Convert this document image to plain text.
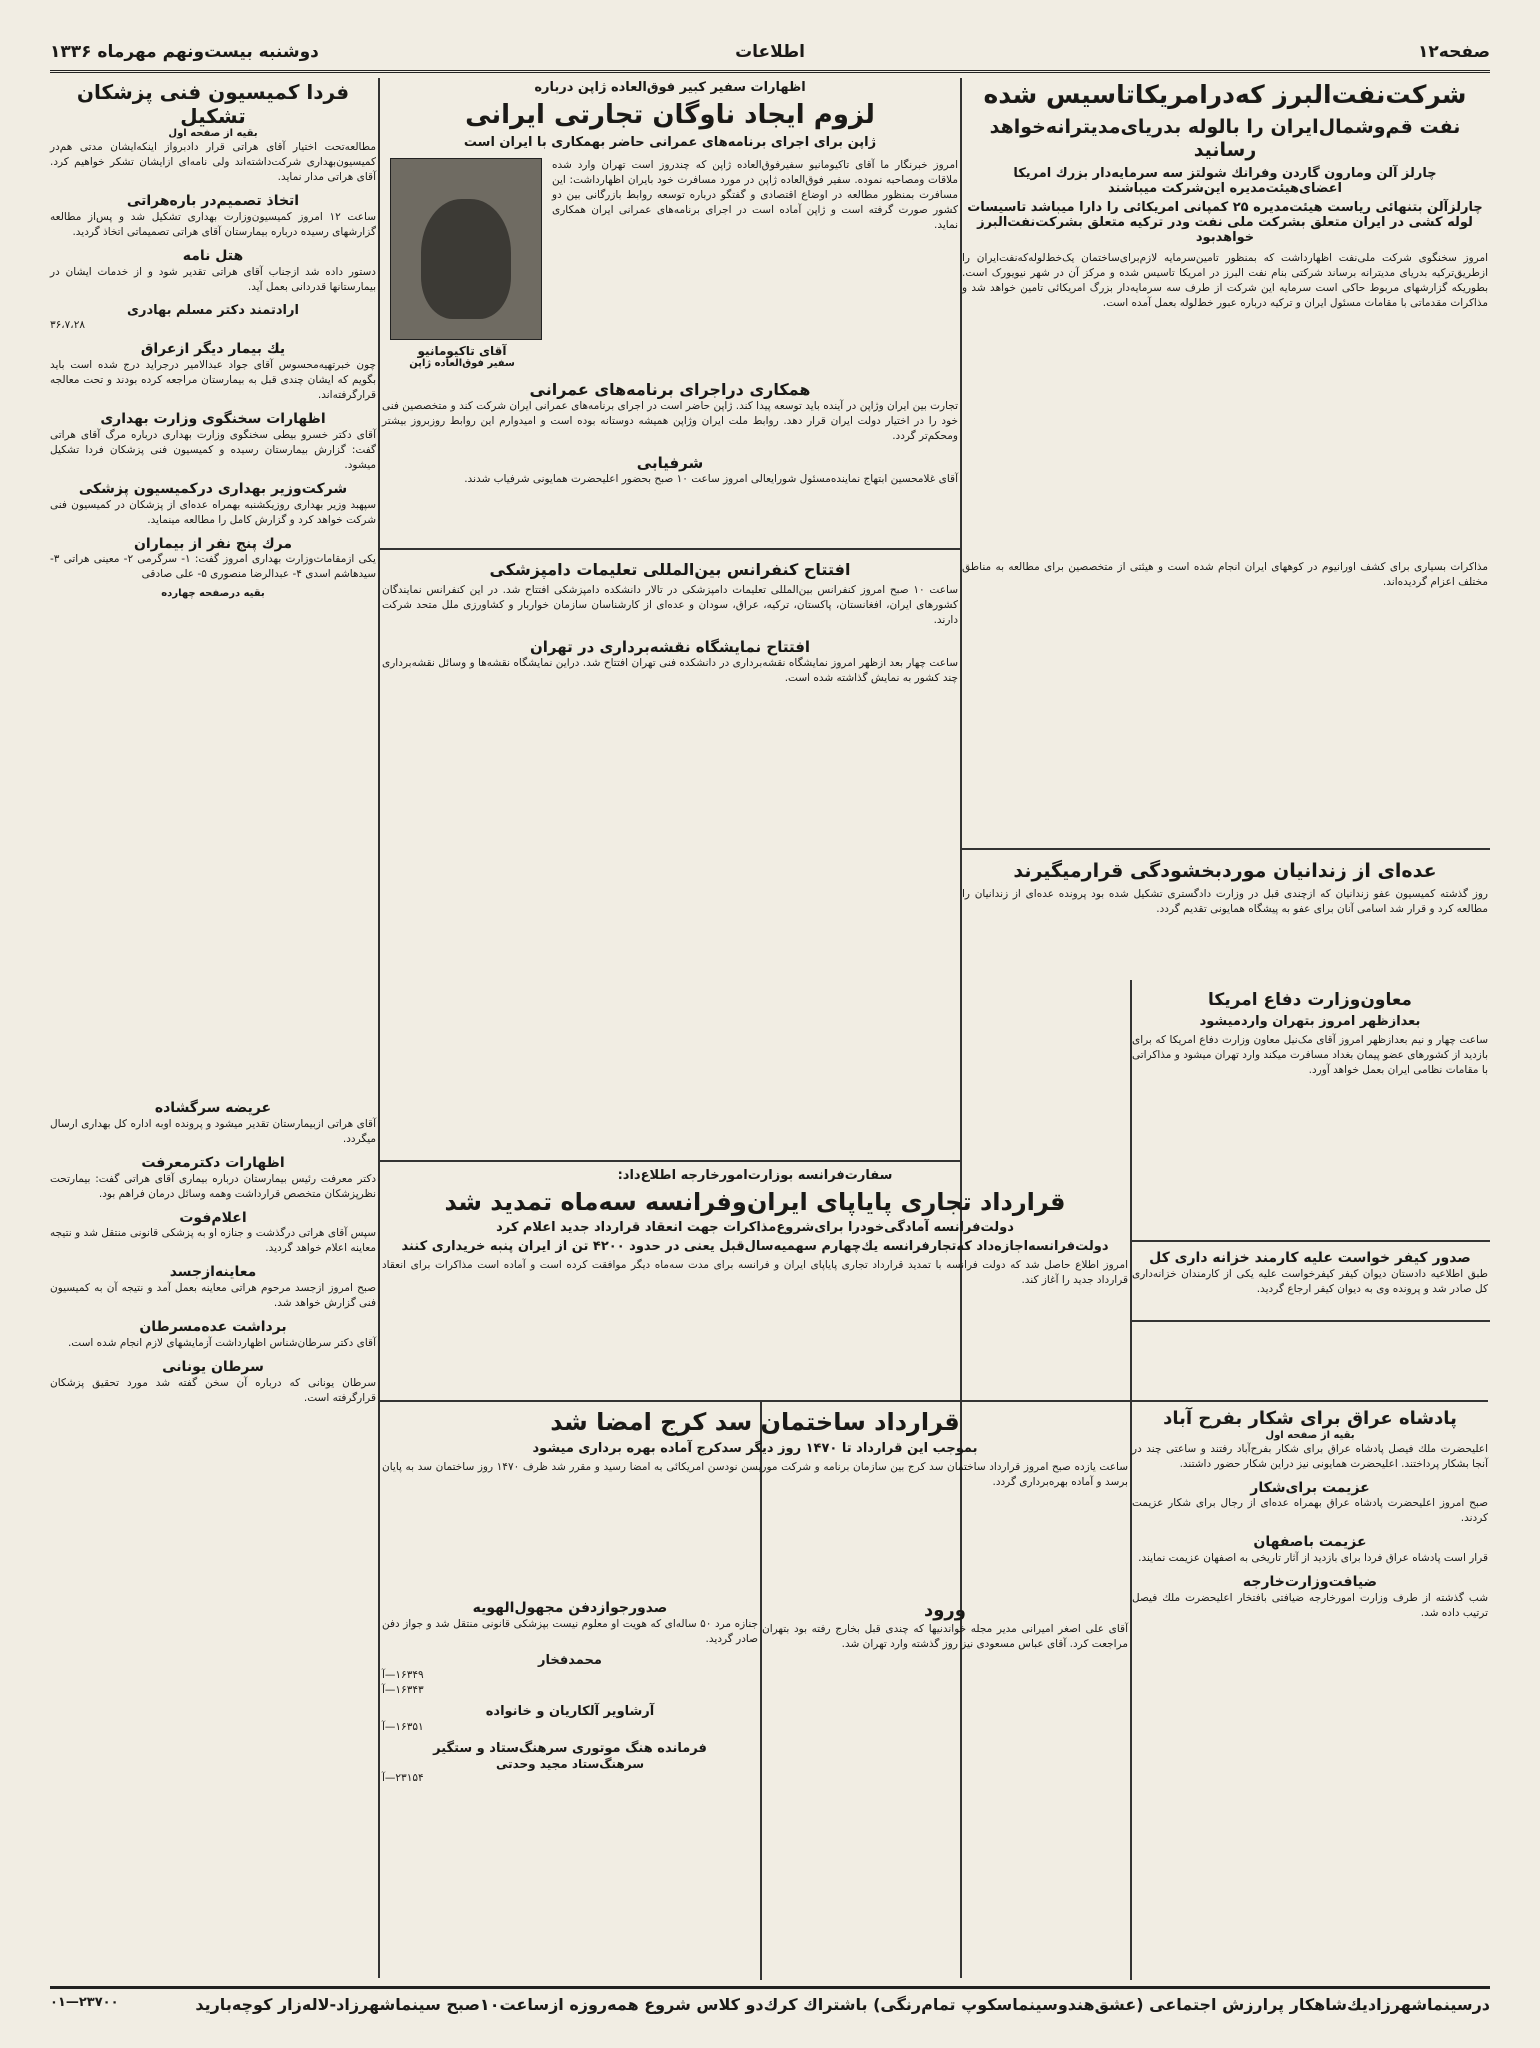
صفحه۱۲
اطلاعات
دوشنبه بیست‌ونهم مهرماه ۱۳۳۶

شرکت‌نفت‌البرز که‌درامریکاتاسیس شده

نفت قم‌وشمال‌ایران را بالوله بدریای‌مدیترانه‌خواهد رسانید

چارلز آلن ومارون گاردن وفرانك شولتز سه سرمایه‌دار بزرك امریكا اعضای‌هیئت‌مدیره این‌شرکت میباشند

چارلز‌آلن بتنهائی ریاست هیئت‌مدیره ۲۵ کمپانی امریکائی را دارا میباشد تاسیسات لوله کشی در ایران متعلق بشرکت ملی نفت ودر ترکیه متعلق بشرکت‌نفت‌البرز خواهدبود

امروز سخنگوی شرکت ملی‌نفت اظهارداشت که بمنظور تامین‌سرمایه لازم‌برای‌ساختمان یک‌خط‌لوله‌که‌نفت‌ایران را ازطریق‌ترکیه بدریای مدیترانه برساند شرکتی بنام نفت البرز در امریکا تاسیس شده و مرکز آن در شهر نیویورک است. بطوریکه گزارشهای مربوط حاکی است سرمایه این شرکت از طرف سه سرمایه‌دار بزرگ امریکائی تامین خواهد شد و مذاکرات مقدماتی با مقامات مسئول ایران و ترکیه درباره عبور خط‌لوله بعمل آمده است.

مذاکرات بسیاری برای کشف اورانیوم در کوههای ایران انجام شده است و هیئتی از متخصصین برای مطالعه به مناطق مختلف اعزام گردیده‌اند.

اظهارات سفیر کبیر فوق‌العاده ژاپن درباره

لزوم ایجاد ناوگان تجارتی ایرانی

ژاپن برای اجرای برنامه‌های عمرانی حاضر بهمکاری با ایران است

امروز خبرنگار ما آقای تاکیومانیو سفیرفوق‌العاده ژاپن که چندروز است تهران وارد شده ملاقات ومصاحبه نموده. سفیر فوق‌العاده ژاپن در مورد مسافرت خود بایران اظهارداشت: این مسافرت بمنظور مطالعه در اوضاع اقتصادی و گفتگو درباره توسعه روابط بازرگانی بین دو کشور صورت گرفته است و ژاپن آماده است در اجرای برنامه‌های عمرانی ایران همکاری نماید.

آقای تاکیومانیو

سفیر فوق‌العاده ژاپن

همکاری دراجرای برنامه‌های عمرانی

تجارت بین ایران وژاپن در آینده باید توسعه پیدا کند. ژاپن حاضر است در اجرای برنامه‌های عمرانی ایران شرکت کند و متخصصین فنی خود را در اختیار دولت ایران قرار دهد. روابط ملت ایران وژاپن همیشه دوستانه بوده است و امیدوارم این روابط روزبروز بیشتر ومحکم‌تر گردد.

شرفیابی

آقای غلامحسین ابتهاج نماینده‌مسئول شورایعالی امروز ساعت ۱۰ صبح بحضور اعلیحضرت همایونی شرفیاب شدند.

افتتاح کنفرانس بین‌المللی تعلیمات دامپزشکی

ساعت ۱۰ صبح امروز کنفرانس بین‌المللی تعلیمات دامپزشکی در تالار دانشکده دامپزشکی افتتاح شد. در این کنفرانس نمایندگان کشورهای ایران، افغانستان، پاکستان، ترکیه، عراق، سودان و عده‌ای از کارشناسان سازمان خواربار و کشاورزی ملل متحد شرکت دارند.

افتتاح نمایشگاه نقشه‌برداری در تهران

ساعت چهار بعد ازظهر امروز نمایشگاه نقشه‌برداری در دانشکده فنی تهران افتتاح شد. دراین نمایشگاه نقشه‌ها و وسائل نقشه‌برداری چند کشور به نمایش گذاشته شده است.

عده‌ای از زندانیان مورد‌بخشودگی قرارمیگیرند

روز گذشته کمیسیون عفو زندانیان که ازچندی قبل در وزارت دادگستری تشکیل شده بود پرونده عده‌ای از زندانیان را مطالعه کرد و قرار شد اسامی آنان برای عفو به پیشگاه همایونی تقدیم گردد.

معاون‌وزارت دفاع امریکا

بعدازظهر امروز بتهران واردمیشود

ساعت چهار و نیم بعدازظهر امروز آقای مک‌نیل معاون وزارت دفاع امریکا که برای بازدید از کشورهای عضو پیمان بغداد مسافرت میکند وارد تهران میشود و مذاکراتی با مقامات نظامی ایران بعمل خواهد آورد.

صدور کیفر خواست علیه کارمند خزانه داری کل

طبق اطلاعیه دادستان دیوان کیفر کیفرخواست علیه یکی از کارمندان خزانه‌داری کل صادر شد و پرونده وی به دیوان کیفر ارجاع گردید.

سفارت‌فرانسه بوزارت‌امورخارجه اطلاع‌داد:

قرارداد تجاری پایاپای ایران‌وفرانسه سه‌ماه تمدید شد

دولت‌فرانسه آمادگی‌خودرا برای‌شروع‌مذاکرات جهت انعقاد قرارداد جدید اعلام کرد

دولت‌فرانسه‌اجازه‌داد که‌تجارفرانسه یك‌چهارم سهمیه‌سال‌قبل یعنی در حدود ۴۲۰۰ تن از ایران پنبه خریداری کنند

امروز اطلاع حاصل شد که دولت فرانسه با تمدید قرارداد تجاری پایاپای ایران و فرانسه برای مدت سه‌ماه دیگر موافقت کرده است و آماده است مذاکرات برای انعقاد قرارداد جدید را آغاز کند.

قرارداد ساختمان سد کرج امضا شد

بموجب این قرارداد تا ۱۴۷۰ روز دیگر سدکرج آماده بهره برداری میشود

ساعت یازده صبح امروز قرارداد ساختمان سد کرج بین سازمان برنامه و شرکت موریسن نودسن امریکائی به امضا رسید و مقرر شد ظرف ۱۴۷۰ روز ساختمان سد به پایان برسد و آماده بهره‌برداری گردد.

ورود

آقای علی اصغر امیرانی مدیر مجله خواندنیها که چندی قبل بخارج رفته بود بتهران مراجعت کرد. آقای عباس مسعودی نیز روز گذشته وارد تهران شد.

صدورجوازدفن مجهول‌الهویه

جنازه مرد ۵۰ ساله‌ای که هویت او معلوم نیست بپزشکی قانونی منتقل شد و جواز دفن صادر گردید.

محمدفخار

۱۶۳۴۹—آ

۱۶۳۴۳—آ

آرشاویر آلکاریان و خانواده

۱۶۳۵۱—آ

فرمانده هنگ موتوری سرهنگ‌ستاد و ستگیر

سرهنگ‌ستاد مجید وحدتی

۲۳۱۵۴—آ

پادشاه عراق برای شکار بفرح آباد

بقیه از صفحه اول

اعلیحضرت ملك فیصل پادشاه عراق برای شکار بفرح‌آباد رفتند و ساعتی چند در آنجا بشکار پرداختند. اعلیحضرت همایونی نیز دراین شکار حضور داشتند.

عزیمت برای‌شکار

صبح امروز اعلیحضرت پادشاه عراق بهمراه عده‌ای از رجال برای شکار عزیمت کردند.

عزیمت باصفهان

قرار است پادشاه عراق فردا برای بازدید از آثار تاریخی به اصفهان عزیمت نمایند.

ضیافت‌وزارت‌خارجه

شب گذشته از طرف وزارت امورخارجه ضیافتی بافتخار اعلیحضرت ملك فیصل ترتیب داده شد.

فردا کمیسیون فنی پزشکان تشکیل

بقیه از صفحه اول

مطالعه‌تحت اختیار آقای هراتی قرار دادبرواز اینکه‌ایشان مدتی هم‌در کمیسیون‌بهداری شرکت‌داشته‌اند ولی نامه‌ای ازایشان تشکر خواهیم کرد. آقای هراتی مدار نماید.

اتخاذ تصمیم‌در باره‌هراتی

ساعت ۱۲ امروز کمیسیون‌وزارت بهداری تشکیل شد و پس‌از مطالعه گزارشهای رسیده درباره بیمارستان آقای هراتی تصمیماتی اتخاذ گردید.

هتل نامه

دستور داده شد ازجناب آقای هراتی تقدیر شود و از خدمات ایشان در بیمارستانها قدردانی بعمل آید.

ارادتمند دکتر مسلم بهادری

۳۶،۷،۲۸

یك بیمار دیگر ازعراق

چون خبرتهیه‌محسوس آقای جواد عبدالامیر درجراید درج شده است باید بگویم که ایشان چندی قبل به بیمارستان مراجعه کرده بودند و تحت معالجه قرارگرفته‌اند.

اظهارات سخنگوی وزارت بهداری

آقای دکتر خسرو بیطی سخنگوی وزارت بهداری درباره مرگ آقای هراتی گفت: گزارش بیمارستان رسیده و کمیسیون فنی پزشکان فردا تشکیل میشود.

شرکت‌وزیر بهداری درکمیسیون پزشکی

سپهبد وزیر بهداری روزیکشنبه بهمراه عده‌ای از پزشکان در کمیسیون فنی شرکت خواهد کرد و گزارش کامل را مطالعه مینماید.

مرك پنج نفر از بیماران

یکی ازمقامات‌وزارت بهداری امروز گفت: ۱- سرگرمی ۲- معینی هراتی ۳- سیدهاشم اسدی ۴- عبدالرضا منصوری ۵- علی صادقی

بقیه درصفحه چهارده

عریضه سرگشاده

آقای هراتی ازبیمارستان تقدیر میشود و پرونده اوبه اداره کل بهداری ارسال میگردد.

اظهارات دکترمعرفت

دکتر معرفت رئیس بیمارستان درباره بیماری آقای هراتی گفت: بیمارتحت نظرپزشکان متخصص قرارداشت وهمه وسائل درمان فراهم بود.

اعلام‌فوت

سپس آقای هراتی درگذشت و جنازه او به پزشکی قانونی منتقل شد و نتیجه معاینه اعلام خواهد گردید.

معاینه‌ازجسد

صبح امروز ازجسد مرحوم هراتی معاینه بعمل آمد و نتیجه آن به کمیسیون فنی گزارش خواهد شد.

برداشت عده‌مسرطان

آقای دکتر سرطان‌شناس اظهارداشت آزمایشهای لازم انجام شده است.

سرطان یونانی

سرطان یونانی که درباره آن سخن گفته شد مورد تحقیق پزشکان قرارگرفته است.

درسینماشهرزادیك‌شاهکار پرارزش اجتماعی (عشق‌هندوسینماسکوپ تمام‌رنگی) باشتراك کرك‌دو کلاس شروع همه‌روزه ازساعت۱۰صبح سینماشهرزاد-لاله‌زار کوچه‌بارید

۰۱—۲۳۷۰۰
